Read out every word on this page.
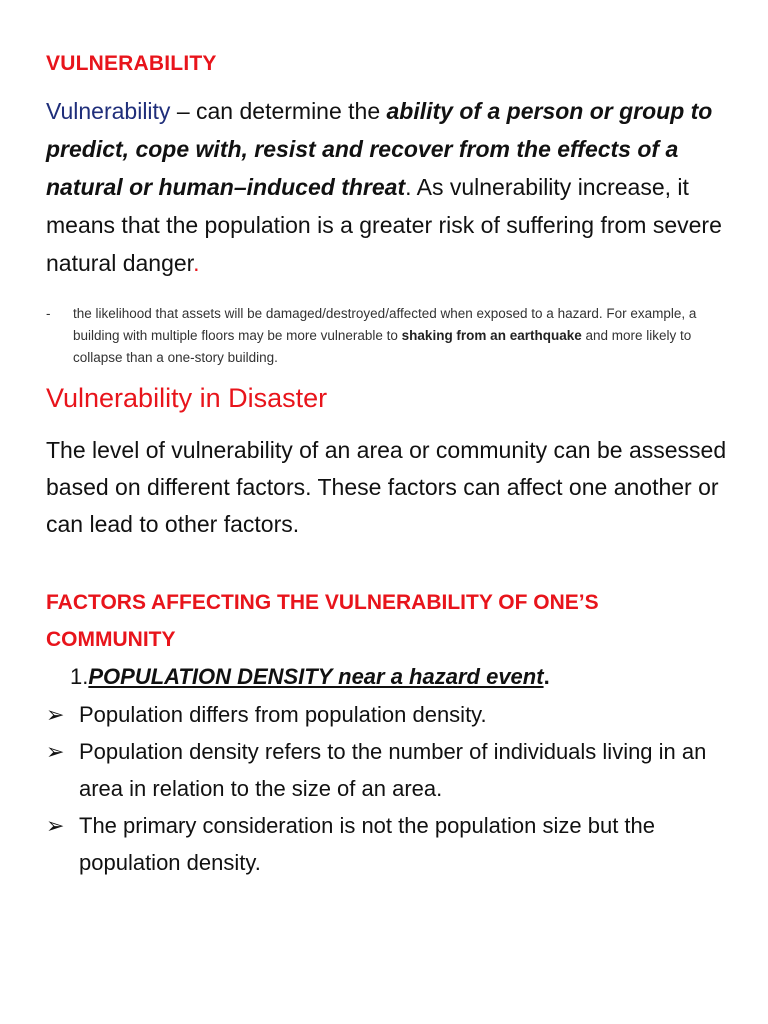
VULNERABILITY

Vulnerability – can determine the ability of a person or group to predict, cope with, resist and recover from the effects of a natural or human–induced threat. As vulnerability increase, it means that the population is a greater risk of suffering from severe natural danger.

- the likelihood that assets will be damaged/destroyed/affected when exposed to a hazard. For example, a building with multiple floors may be more vulnerable to shaking from an earthquake and more likely to collapse than a one-story building.
Vulnerability in Disaster

The level of vulnerability of an area or community can be assessed based on different factors. These factors can affect one another or can lead to other factors.

FACTORS AFFECTING THE VULNERABILITY OF ONE’S COMMUNITY
1.POPULATION DENSITY near a hazard event.

➢ Population differs from population density.

➢ Population density refers to the number of individuals living in an area in relation to the size of an area.

➢ The primary consideration is not the population size but the population density.
